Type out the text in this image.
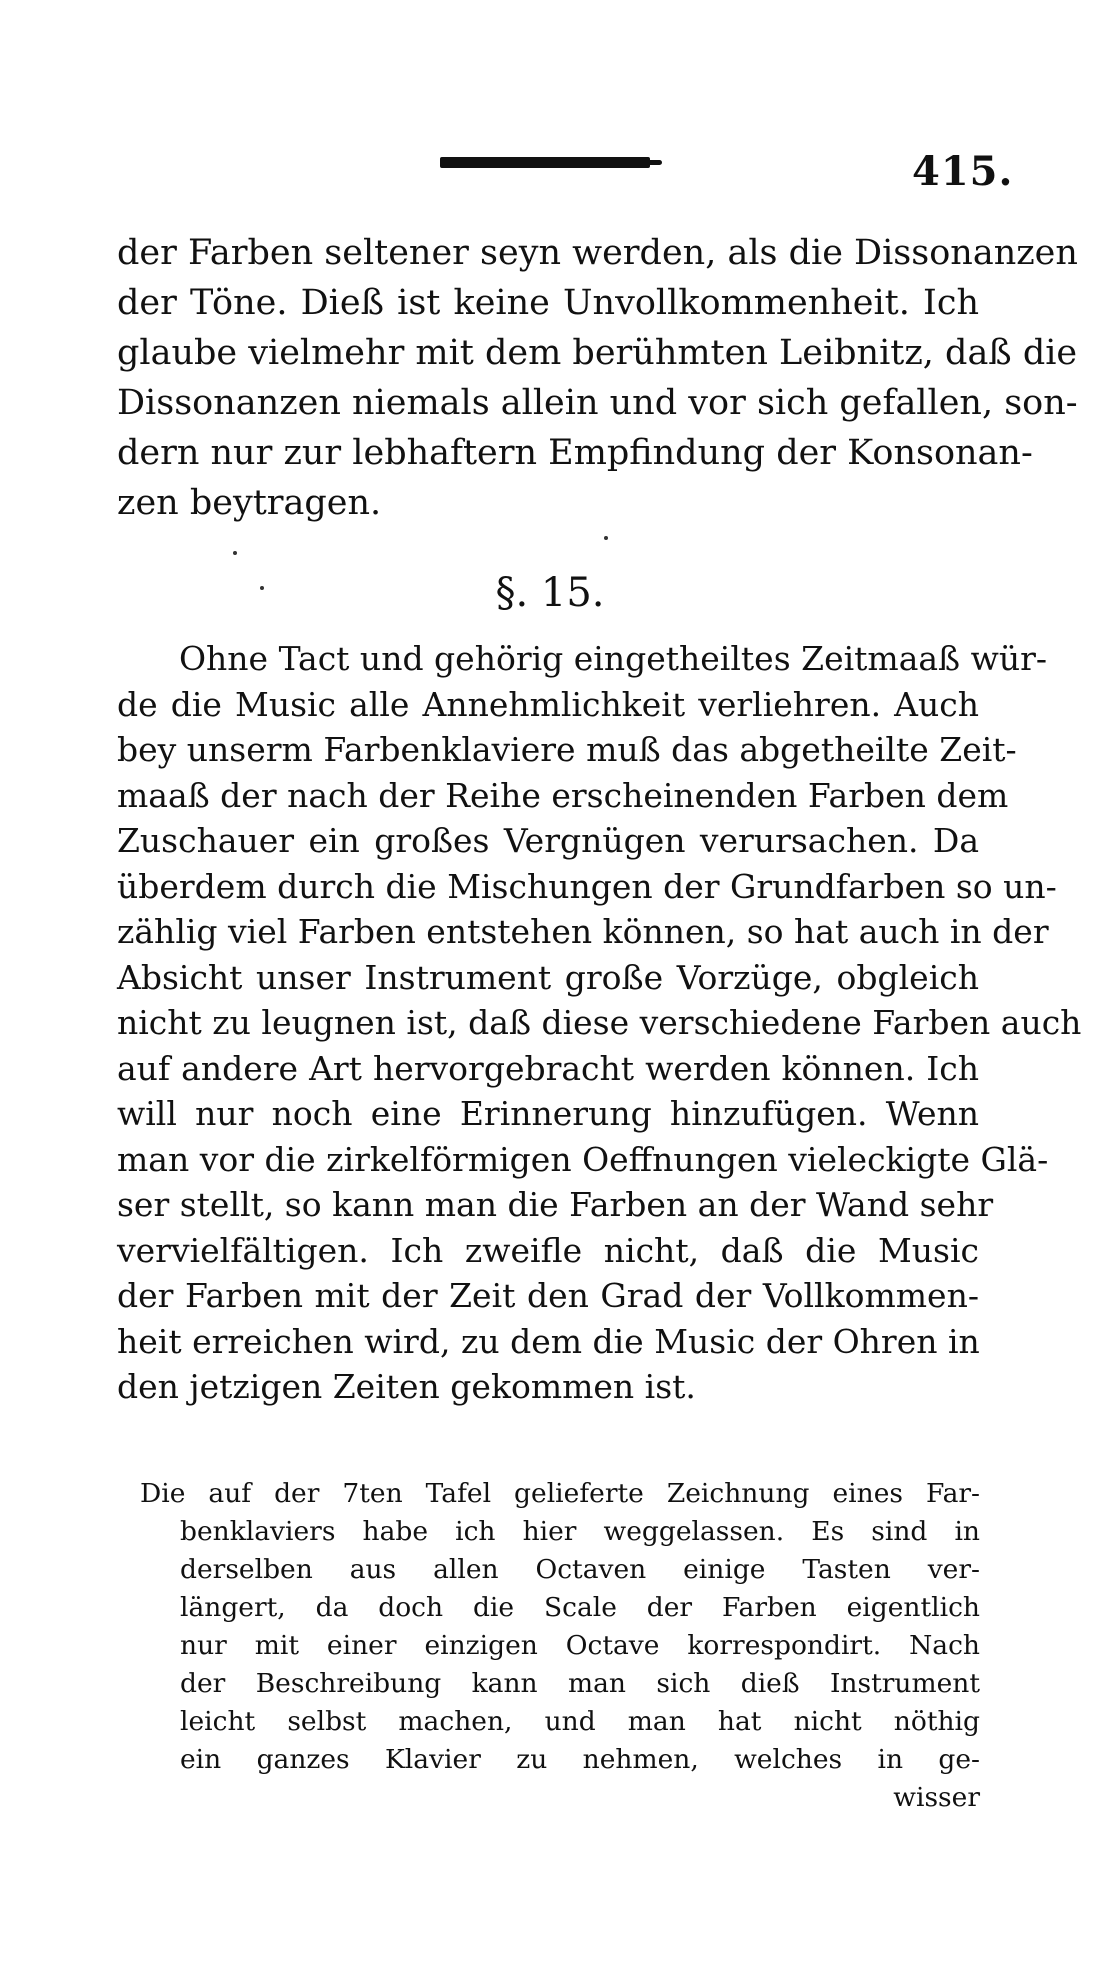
415.
der Farben seltener seyn werden, als die Dissonanzen
der Töne. Dieß ist keine Unvollkommenheit. Ich
glaube vielmehr mit dem berühmten Leibnitz, daß die
Dissonanzen niemals allein und vor sich gefallen, son-
dern nur zur lebhaftern Empfindung der Konsonan-
zen beytragen.
§. 15.
Ohne Tact und gehörig eingetheiltes Zeitmaaß wür-
de die Music alle Annehmlichkeit verliehren. Auch
bey unserm Farbenklaviere muß das abgetheilte Zeit-
maaß der nach der Reihe erscheinenden Farben dem
Zuschauer ein großes Vergnügen verursachen. Da
überdem durch die Mischungen der Grundfarben so un-
zählig viel Farben entstehen können, so hat auch in der
Absicht unser Instrument große Vorzüge, obgleich
nicht zu leugnen ist, daß diese verschiedene Farben auch
auf andere Art hervorgebracht werden können. Ich
will nur noch eine Erinnerung hinzufügen. Wenn
man vor die zirkelförmigen Oeffnungen vieleckigte Glä-
ser stellt, so kann man die Farben an der Wand sehr
vervielfältigen. Ich zweifle nicht, daß die Music
der Farben mit der Zeit den Grad der Vollkommen-
heit erreichen wird, zu dem die Music der Ohren in
den jetzigen Zeiten gekommen ist.
Die auf der 7ten Tafel gelieferte Zeichnung eines Far-
benklaviers habe ich hier weggelassen. Es sind in
derselben aus allen Octaven einige Tasten ver-
längert, da doch die Scale der Farben eigentlich
nur mit einer einzigen Octave korrespondirt. Nach
der Beschreibung kann man sich dieß Instrument
leicht selbst machen, und man hat nicht nöthig
ein ganzes Klavier zu nehmen, welches in ge-
wisser
